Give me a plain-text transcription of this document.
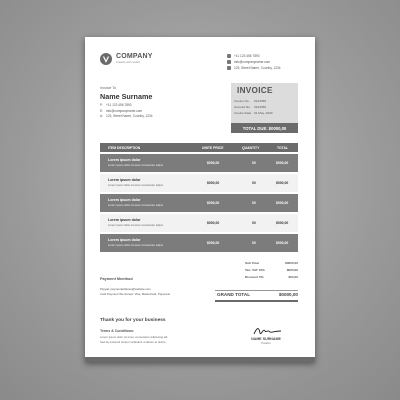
COMPANY
Creative and modern
+11 123 456 7890
info@companyname.com
123, Street Name, Country, 1234
Invoice To
Name Surname
P: +11 123 456 7890
E: info@companyname.com
A: 123, Street Name, Country, 1234
INVOICE
Invoice No.	#123456
Account No.	0123456
Invoice Date 01 May, 2020
TOTAL DUE: $0000,00
ITEM DESCRIPTION	UNITE PRICE	QUANTITY	TOTAL
Lorem ipsum dolor
Lorem ipsum dolor sit amet consectetur adipis.	$000,00	00	$000,00
Lorem ipsum dolor
Lorem ipsum dolor sit amet consectetur adipis.	$000,00	00	$000,00
Lorem ipsum dolor
Lorem ipsum dolor sit amet consectetur adipis.	$000,00	00	$000,00
Lorem ipsum dolor
Lorem ipsum dolor sit amet consectetur adipis.	$000,00	00	$000,00
Lorem ipsum dolor
Lorem ipsum dolor sit amet consectetur adipis.	$000,00	00	$000,00
Payment Menthod
Paypal: paymentaddress@website.com
Card Payment We Accept: Visa, Mastercard, Payoneer
Sub Total	$0000,00
Tax: VAT 10%	$000,00
Discount 5%	$00,00
GRAND TOTAL	$0000,00
Thank you for your business
Terms & Conditions:
Lorem ipsum dolor sit amet, consectetur adipiscing elit.
Sed do eiusmod tempor incididunt ut labore et dolore.
NAME SURNAME
Position
